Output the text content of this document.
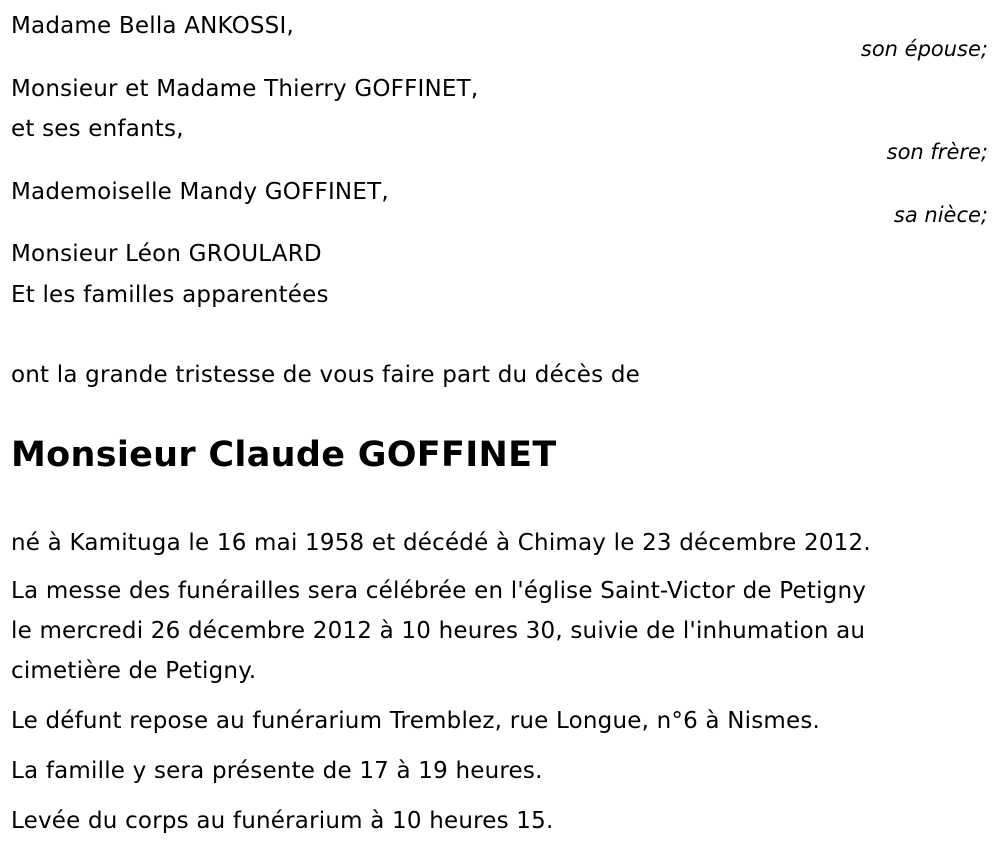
Madame Bella ANKOSSI,
son épouse;
Monsieur et Madame Thierry GOFFINET,
et ses enfants,
son frère;
Mademoiselle Mandy GOFFINET,
sa nièce;
Monsieur Léon GROULARD
Et les familles apparentées
ont la grande tristesse de vous faire part du décès de
Monsieur Claude GOFFINET
né à Kamituga le 16 mai 1958 et décédé à Chimay le 23 décembre 2012.
La messe des funérailles sera célébrée en l'église Saint-Victor de Petigny
le mercredi 26 décembre 2012 à 10 heures 30, suivie de l'inhumation au
cimetière de Petigny.
Le défunt repose au funérarium Tremblez, rue Longue, n°6 à Nismes.
La famille y sera présente de 17 à 19 heures.
Levée du corps au funérarium à 10 heures 15.
